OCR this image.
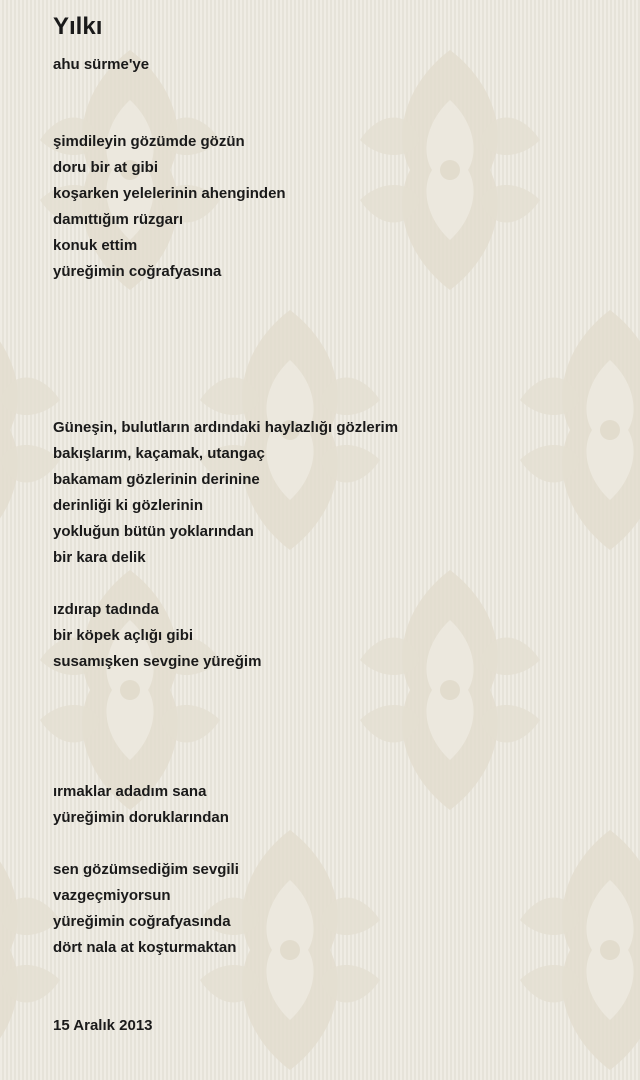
Yılkı
ahu sürme'ye
şimdileyin gözümde gözün
doru bir at gibi
koşarken yelelerinin ahenginden
damıttığım rüzgarı
konuk ettim
yüreğimin coğrafyasına
Güneşin, bulutların ardındaki haylazlığı gözlerim
bakışlarım, kaçamak, utangaç
bakamam gözlerinin derinine
derinliği ki gözlerinin
yokluğun bütün yoklarından
bir kara delik
ızdırap tadında
bir köpek açlığı gibi
susamışken sevgine yüreğim
ırmaklar adadım sana
yüreğimin doruklarından
sen gözümsediğim sevgili
vazgeçmiyorsun
yüreğimin coğrafyasında
dört nala at koşturmaktan
15 Aralık 2013
